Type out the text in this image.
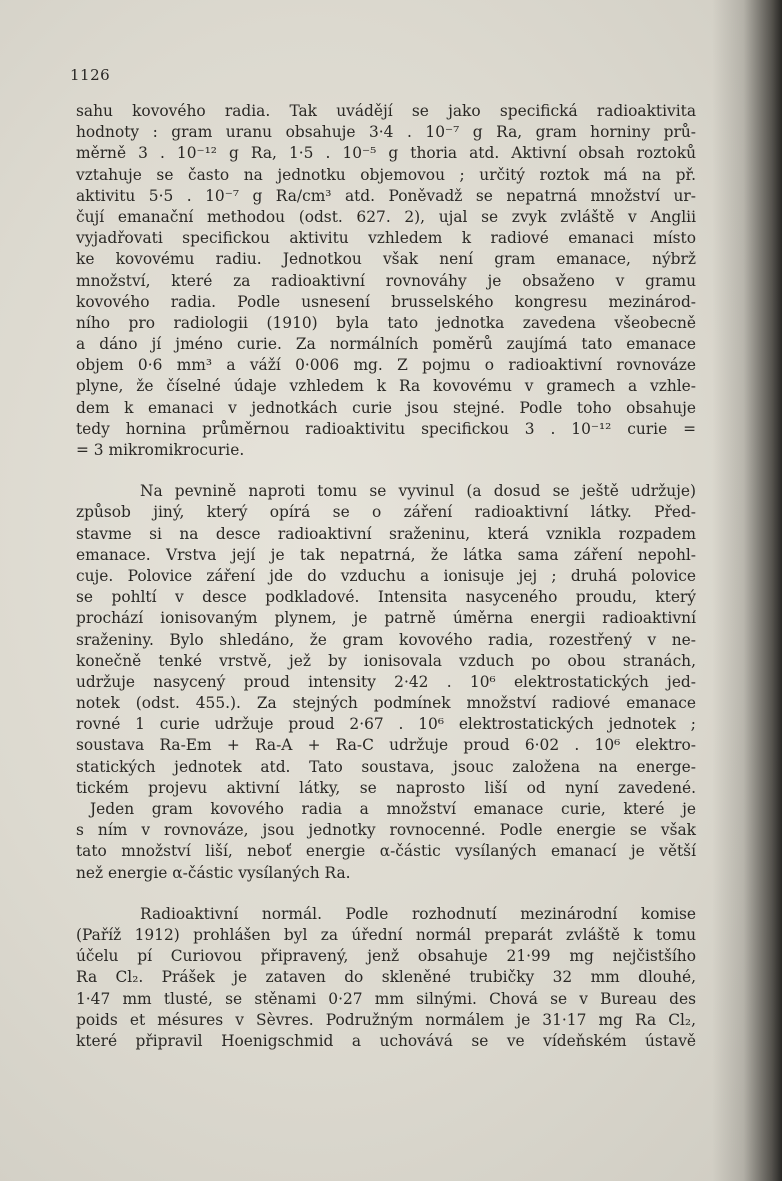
1126
sahu kovového radia. Tak uvádějí se jako specifická radioaktivita
hodnoty : gram uranu obsahuje 3·4 . 10⁻⁷ g Ra, gram horniny prů-
měrně 3 . 10⁻¹² g Ra, 1·5 . 10⁻⁵ g thoria atd. Aktivní obsah roztoků
vztahuje se často na jednotku objemovou ; určitý roztok má na př.
aktivitu 5·5 . 10⁻⁷ g Ra/cm³ atd. Poněvadž se nepatrná množství ur-
čují emanační methodou (odst. 627. 2), ujal se zvyk zvláště v Anglii
vyjadřovati specifickou aktivitu vzhledem k radiové emanaci místo
ke kovovému radiu. Jednotkou však není gram emanace, nýbrž
množství, které za radioaktivní rovnováhy je obsaženo v gramu
kovového radia. Podle usnesení brusselského kongresu mezinárod-
ního pro radiologii (1910) byla tato jednotka zavedena všeobecně
a dáno jí jméno curie. Za normálních poměrů zaujímá tato emanace
objem 0·6 mm³ a váží 0·006 mg. Z pojmu o radioaktivní rovnováze
plyne, že číselné údaje vzhledem k Ra kovovému v gramech a vzhle-
dem k emanaci v jednotkách curie jsou stejné. Podle toho obsahuje
tedy hornina průměrnou radioaktivitu specifickou 3 . 10⁻¹² curie =
= 3 mikromikrocurie.
Na pevnině naproti tomu se vyvinul (a dosud se ještě udržuje)
způsob jiný, který opírá se o záření radioaktivní látky. Před-
stavme si na desce radioaktivní sraženinu, která vznikla rozpadem
emanace. Vrstva její je tak nepatrná, že látka sama záření nepohl-
cuje. Polovice záření jde do vzduchu a ionisuje jej ; druhá polovice
se pohltí v desce podkladové. Intensita nasyceného proudu, který
prochází ionisovaným plynem, je patrně úměrna energii radioaktivní
sraženiny. Bylo shledáno, že gram kovového radia, rozestřený v ne-
konečně tenké vrstvě, jež by ionisovala vzduch po obou stranách,
udržuje nasycený proud intensity 2·42 . 10⁶ elektrostatických jed-
notek (odst. 455.). Za stejných podmínek množství radiové emanace
rovné 1 curie udržuje proud 2·67 . 10⁶ elektrostatických jednotek ;
soustava Ra-Em + Ra-A + Ra-C udržuje proud 6·02 . 10⁶ elektro-
statických jednotek atd. Tato soustava, jsouc založena na energe-
tickém projevu aktivní látky, se naprosto liší od nyní zavedené.
Jeden gram kovového radia a množství emanace curie, které je
s ním v rovnováze, jsou jednotky rovnocenné. Podle energie se však
tato množství liší, neboť energie α-částic vysílaných emanací je větší
než energie α-částic vysílaných Ra.
Radioaktivní normál. Podle rozhodnutí mezinárodní komise
(Paříž 1912) prohlášen byl za úřední normál preparát zvláště k tomu
účelu pí Curiovou připravený, jenž obsahuje 21·99 mg nejčistšího
Ra Cl₂. Prášek je zataven do skleněné trubičky 32 mm dlouhé,
1·47 mm tlusté, se stěnami 0·27 mm silnými. Chová se v Bureau des
poids et mésures v Sèvres. Podružným normálem je 31·17 mg Ra Cl₂,
které připravil Hoenigschmid a uchovává se ve vídeňském ústavě
